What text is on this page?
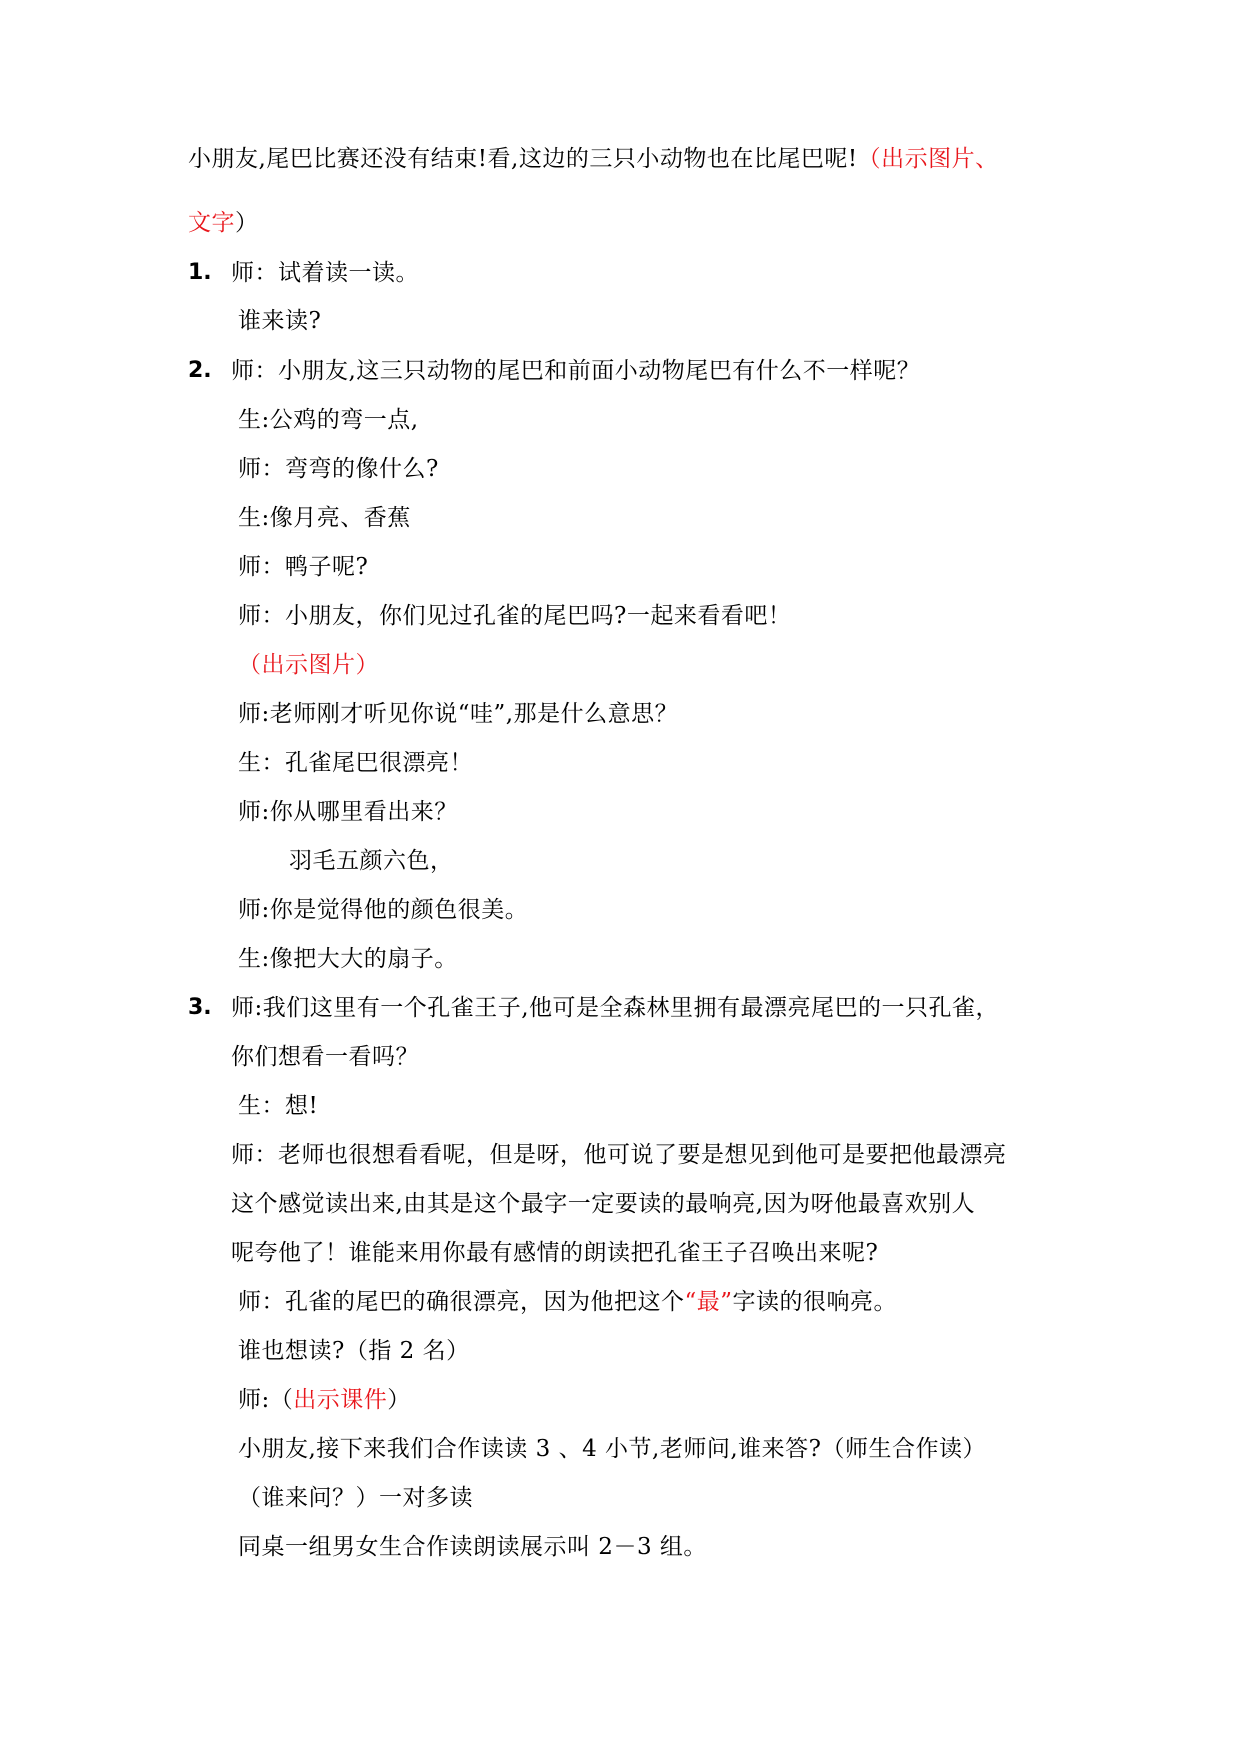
小朋友,尾巴比赛还没有结束!看,这边的三只小动物也在比尾巴呢!（出示图片、
文字）
1. 师：试着读一读。
谁来读?
2. 师：小朋友,这三只动物的尾巴和前面小动物尾巴有什么不一样呢？
生:公鸡的弯一点,
师：弯弯的像什么?
生:像月亮、香蕉
师：鸭子呢?
师：小朋友，你们见过孔雀的尾巴吗?一起来看看吧！
（出示图片）
师:老师刚才听见你说“哇”,那是什么意思？
生：孔雀尾巴很漂亮！
师:你从哪里看出来？
羽毛五颜六色，
师:你是觉得他的颜色很美。
生:像把大大的扇子。
3. 师:我们这里有一个孔雀王子,他可是全森林里拥有最漂亮尾巴的一只孔雀，
你们想看一看吗？
生：想!
师：老师也很想看看呢，但是呀，他可说了要是想见到他可是要把他最漂亮
这个感觉读出来,由其是这个最字一定要读的最响亮,因为呀他最喜欢别人
呢夸他了！谁能来用你最有感情的朗读把孔雀王子召唤出来呢?
师：孔雀的尾巴的确很漂亮，因为他把这个“最”字读的很响亮。
谁也想读?（指 2 名）
师:（出示课件）
小朋友,接下来我们合作读读 3 、4 小节,老师问,谁来答?（师生合作读）
（谁来问？）一对多读
同桌一组男女生合作读朗读展示叫 2－3 组。
